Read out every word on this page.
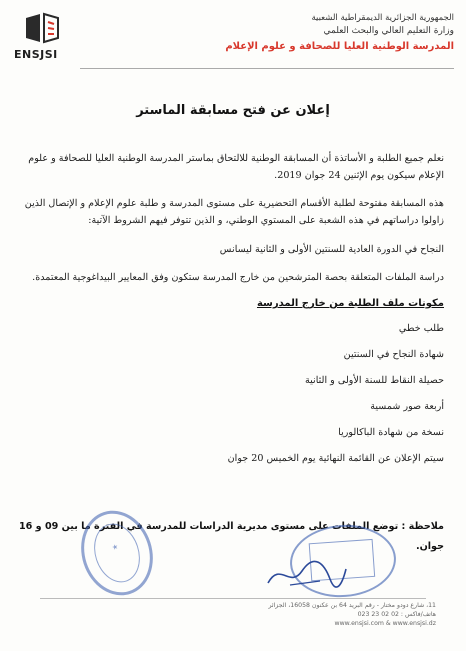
ENSJSI
الجمهورية الجزائرية الديمقراطية الشعبية
وزارة التعليم العالي والبحث العلمي
المدرسة الوطنية العليا للصحافة و علوم الإعلام
إعلان عن فتح مسابقة الماستر

نعلم جميع الطلبة و الأساتذة أن المسابقة الوطنية للالتحاق بماستر المدرسة الوطنية العليا للصحافة و علوم الإعلام سيكون يوم الإثنين 24 جوان 2019.

هذه المسابقة مفتوحة لطلبة الأقسام التحضيرية على مستوى المدرسة و طلبة علوم الإعلام و الإتصال الذين زاولوا دراساتهم في هذه الشعبة على المستوي الوطني، و الذين تتوفر فيهم الشروط الآتية:

النجاح في الدورة العادية للسنتين الأولى و الثانية ليسانس

دراسة الملفات المتعلقة بحصة المترشحين من خارج المدرسة ستكون وفق المعايير البيداغوجية المعتمدة.

مكونات ملف الطلبة من خارج المدرسة

طلب خطي

شهادة النجاح في السنتين

حصيلة النقاط للسنة الأولى و الثانية

أربعة صور شمسية

نسخة من شهادة الباكالوريا

سيتم الإعلان عن القائمة النهائية يوم الخميس 20 جوان

ملاحظة : توضع الملفات على مستوى مديرية الدراسات للمدرسة في الفترة ما بين 09 و 16 جوان.
★
11، شارع دودو مختار - رقم البريد 64 بن عكنون 16058، الجزائر
هاتف/فاكس : 02 02 23 023
www.ensjsi.com & www.ensjsi.dz
